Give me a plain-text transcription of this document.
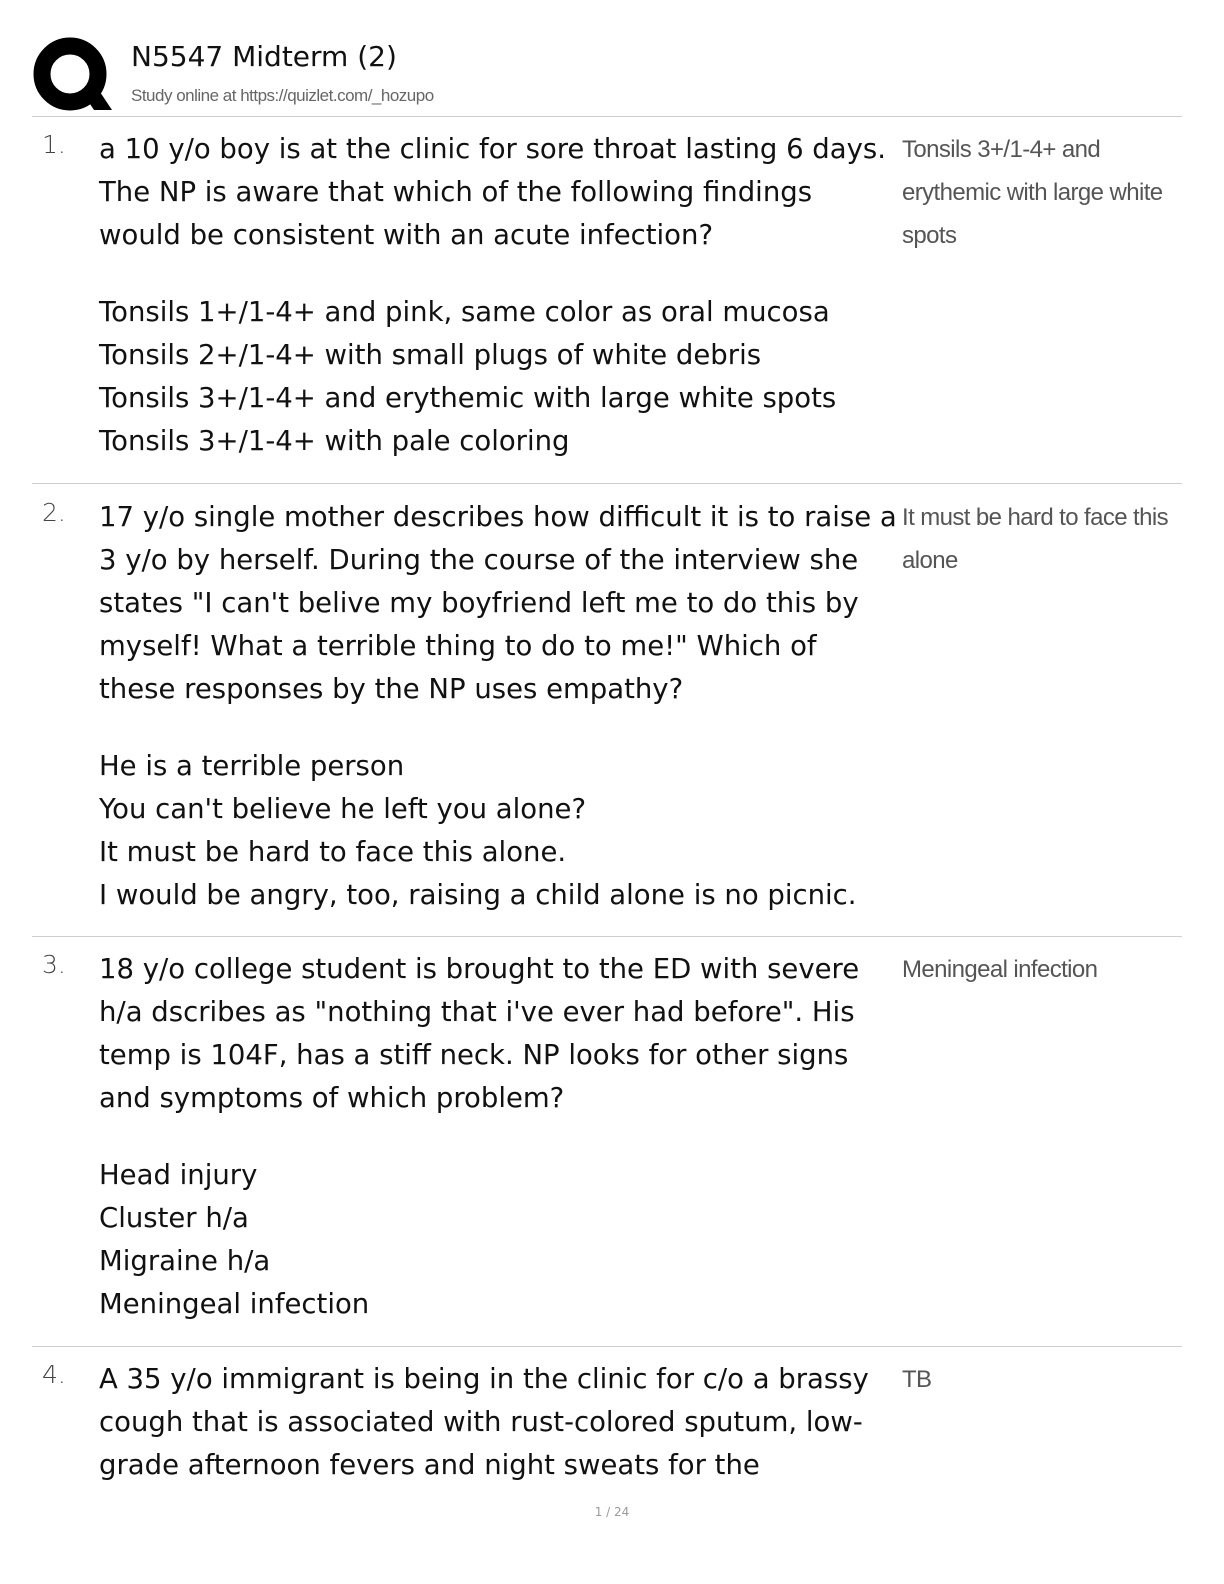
N5547 Midterm (2)
Study online at https://quizlet.com/_hozupo
1. a 10 y/o boy is at the clinic for sore throat lasting 6 days. The NP is aware that which of the following findings would be consistent with an acute infection?

Tonsils 1+/1-4+ and pink, same color as oral mucosa

Tonsils 2+/1-4+ with small plugs of white debris

Tonsils 3+/1-4+ and erythemic with large white spots

Tonsils 3+/1-4+ with pale coloring

Tonsils 3+/1-4+ and erythemic with large white spots
2. 17 y/o single mother describes how difficult it is to raise a 3 y/o by herself. During the course of the interview she states "I can't belive my boyfriend left me to do this by myself! What a terrible thing to do to me!" Which of these responses by the NP uses empathy?

He is a terrible person

You can't believe he left you alone?

It must be hard to face this alone.

I would be angry, too, raising a child alone is no picnic.

It must be hard to face this alone
3. 18 y/o college student is brought to the ED with severe h/a dscribes as "nothing that i've ever had before". His temp is 104F, has a stiff neck. NP looks for other signs and symptoms of which problem?

Head injury

Cluster h/a

Migraine h/a

Meningeal infection

Meningeal infection
4. A 35 y/o immigrant is being in the clinic for c/o a brassy cough that is associated with rust-colored sputum, low-grade afternoon fevers and night sweats for the

TB
1 / 24
